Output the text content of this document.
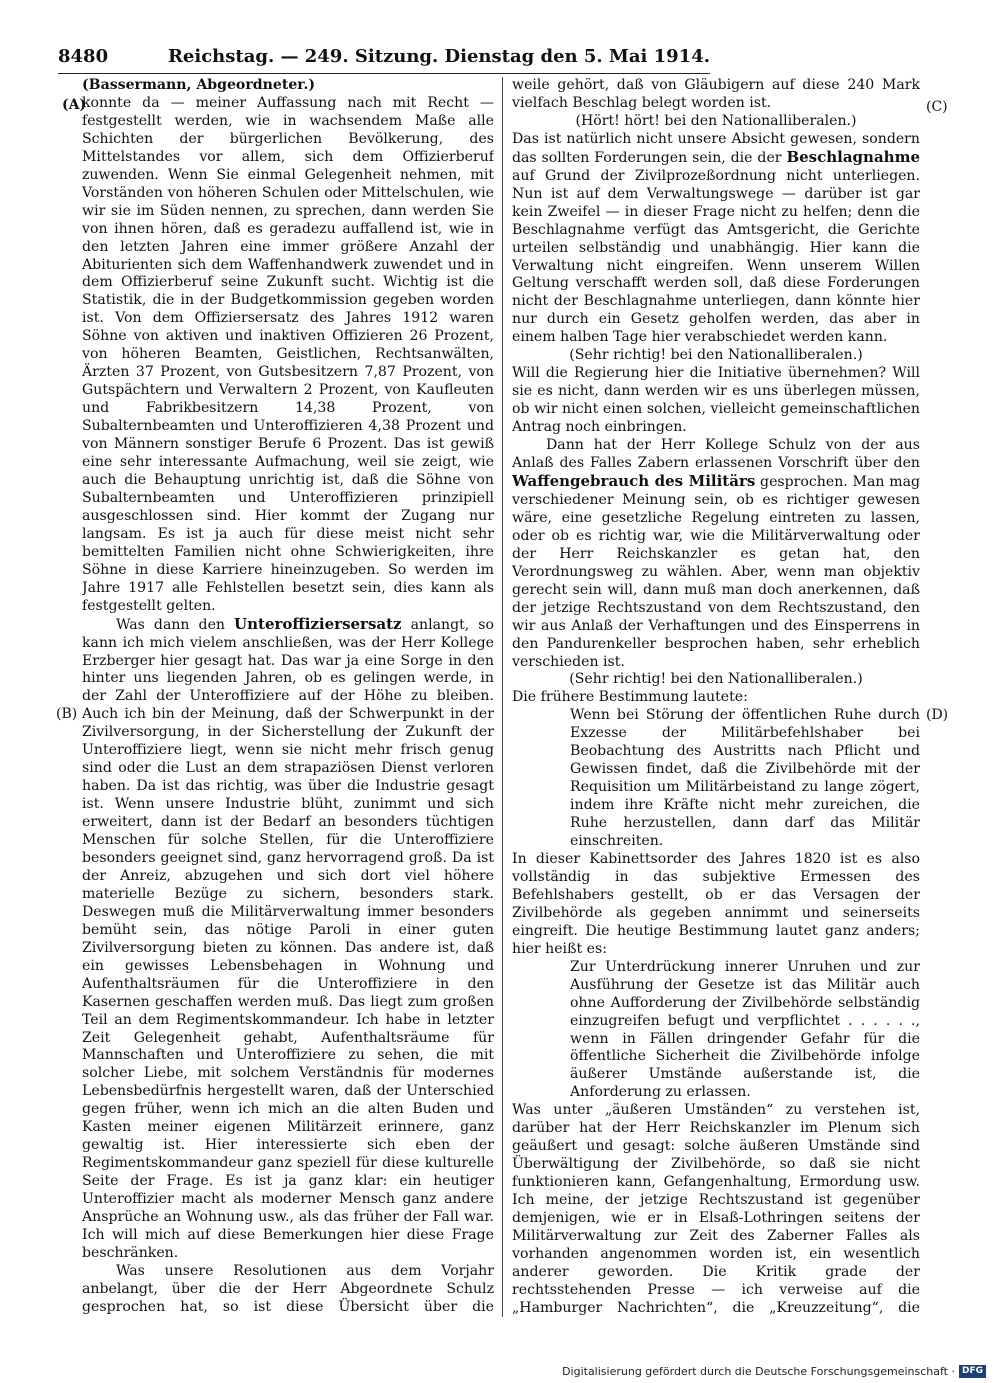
8480	Reichstag. — 249. Sitzung. Dienstag den 5. Mai 1914.
(A)
(B)
(C)
(D)

(Bassermann, Abgeordneter.)

konnte da — meiner Auffassung nach mit Recht — festgestellt werden, wie in wachsendem Maße alle Schichten der bürgerlichen Bevölkerung, des Mittelstandes vor allem, sich dem Offizierberuf zuwenden. Wenn Sie einmal Gelegenheit nehmen, mit Vorständen von höheren Schulen oder Mittelschulen, wie wir sie im Süden nennen, zu sprechen, dann werden Sie von ihnen hören, daß es geradezu auffallend ist, wie in den letzten Jahren eine immer größere Anzahl der Abiturienten sich dem Waffenhandwerk zuwendet und in dem Offizierberuf seine Zukunft sucht. Wichtig ist die Statistik, die in der Budgetkommission gegeben worden ist. Von dem Offiziersersatz des Jahres 1912 waren Söhne von aktiven und inaktiven Offizieren 26 Prozent, von höheren Beamten, Geistlichen, Rechtsanwälten, Ärzten 37 Prozent, von Gutsbesitzern 7,87 Prozent, von Gutspächtern und Verwaltern 2 Prozent, von Kaufleuten und Fabrikbesitzern 14,38 Prozent, von Subalternbeamten und Unteroffizieren 4,38 Prozent und von Männern sonstiger Berufe 6 Prozent. Das ist gewiß eine sehr interessante Aufmachung, weil sie zeigt, wie auch die Behauptung unrichtig ist, daß die Söhne von Subalternbeamten und Unteroffizieren prinzipiell ausgeschlossen sind. Hier kommt der Zugang nur langsam. Es ist ja auch für diese meist nicht sehr bemittelten Familien nicht ohne Schwierigkeiten, ihre Söhne in diese Karriere hineinzugeben. So werden im Jahre 1917 alle Fehlstellen besetzt sein, dies kann als festgestellt gelten.

Was dann den Unteroffiziersersatz anlangt, so kann ich mich vielem anschließen, was der Herr Kollege Erzberger hier gesagt hat. Das war ja eine Sorge in den hinter uns liegenden Jahren, ob es gelingen werde, in der Zahl der Unteroffiziere auf der Höhe zu bleiben. Auch ich bin der Meinung, daß der Schwerpunkt in der Zivilversorgung, in der Sicherstellung der Zukunft der Unteroffiziere liegt, wenn sie nicht mehr frisch genug sind oder die Lust an dem strapaziösen Dienst verloren haben. Da ist das richtig, was über die Industrie gesagt ist. Wenn unsere Industrie blüht, zunimmt und sich erweitert, dann ist der Bedarf an besonders tüchtigen Menschen für solche Stellen, für die Unteroffiziere besonders geeignet sind, ganz hervorragend groß. Da ist der Anreiz, abzugehen und sich dort viel höhere materielle Bezüge zu sichern, besonders stark. Deswegen muß die Militärverwaltung immer besonders bemüht sein, das nötige Paroli in einer guten Zivilversorgung bieten zu können. Das andere ist, daß ein gewisses Lebensbehagen in Wohnung und Aufenthaltsräumen für die Unteroffiziere in den Kasernen geschaffen werden muß. Das liegt zum großen Teil an dem Regimentskommandeur. Ich habe in letzter Zeit Gelegenheit gehabt, Aufenthaltsräume für Mannschaften und Unteroffiziere zu sehen, die mit solcher Liebe, mit solchem Verständnis für modernes Lebensbedürfnis hergestellt waren, daß der Unterschied gegen früher, wenn ich mich an die alten Buden und Kasten meiner eigenen Militärzeit erinnere, ganz gewaltig ist. Hier interessierte sich eben der Regimentskommandeur ganz speziell für diese kulturelle Seite der Frage. Es ist ja ganz klar: ein heutiger Unteroffizier macht als moderner Mensch ganz andere Ansprüche an Wohnung usw., als das früher der Fall war. Ich will mich auf diese Bemerkungen hier diese Frage beschränken.

Was unsere Resolutionen aus dem Vorjahr anbelangt, über die der Herr Abgeordnete Schulz gesprochen hat, so ist diese Übersicht über die

weile gehört, daß von Gläubigern auf diese 240 Mark vielfach Beschlag belegt worden ist.

(Hört! hört! bei den Nationalliberalen.)

Das ist natürlich nicht unsere Absicht gewesen, sondern das sollten Forderungen sein, die der Beschlagnahme auf Grund der Zivilprozeßordnung nicht unterliegen. Nun ist auf dem Verwaltungswege — darüber ist gar kein Zweifel — in dieser Frage nicht zu helfen; denn die Beschlagnahme verfügt das Amtsgericht, die Gerichte urteilen selbständig und unabhängig. Hier kann die Verwaltung nicht eingreifen. Wenn unserem Willen Geltung verschafft werden soll, daß diese Forderungen nicht der Beschlagnahme unterliegen, dann könnte hier nur durch ein Gesetz geholfen werden, das aber in einem halben Tage hier verabschiedet werden kann.

(Sehr richtig! bei den Nationalliberalen.)

Will die Regierung hier die Initiative übernehmen? Will sie es nicht, dann werden wir es uns überlegen müssen, ob wir nicht einen solchen, vielleicht gemeinschaftlichen Antrag noch einbringen.

Dann hat der Herr Kollege Schulz von der aus Anlaß des Falles Zabern erlassenen Vorschrift über den Waffengebrauch des Militärs gesprochen. Man mag verschiedener Meinung sein, ob es richtiger gewesen wäre, eine gesetzliche Regelung eintreten zu lassen, oder ob es richtig war, wie die Militärverwaltung oder der Herr Reichskanzler es getan hat, den Verordnungsweg zu wählen. Aber, wenn man objektiv gerecht sein will, dann muß man doch anerkennen, daß der jetzige Rechtszustand von dem Rechtszustand, den wir aus Anlaß der Verhaftungen und des Einsperrens in den Pandurenkeller besprochen haben, sehr erheblich verschieden ist.

(Sehr richtig! bei den Nationalliberalen.)

Die frühere Bestimmung lautete:

Wenn bei Störung der öffentlichen Ruhe durch Exzesse der Militärbefehlshaber bei Beobachtung des Austritts nach Pflicht und Gewissen findet, daß die Zivilbehörde mit der Requisition um Militärbeistand zu lange zögert, indem ihre Kräfte nicht mehr zureichen, die Ruhe herzustellen, dann darf das Militär einschreiten.

In dieser Kabinettsorder des Jahres 1820 ist es also vollständig in das subjektive Ermessen des Befehlshabers gestellt, ob er das Versagen der Zivilbehörde als gegeben annimmt und seinerseits eingreift. Die heutige Bestimmung lautet ganz anders; hier heißt es:

Zur Unterdrückung innerer Unruhen und zur Ausführung der Gesetze ist das Militär auch ohne Aufforderung der Zivilbehörde selbständig einzugreifen befugt und verpflichtet . . . . . ., wenn in Fällen dringender Gefahr für die öffentliche Sicherheit die Zivilbehörde infolge äußerer Umstände außerstande ist, die Anforderung zu erlassen.

Was unter „äußeren Umständen“ zu verstehen ist, darüber hat der Herr Reichskanzler im Plenum sich geäußert und gesagt: solche äußeren Umstände sind Überwältigung der Zivilbehörde, so daß sie nicht funktionieren kann, Gefangenhaltung, Ermordung usw. Ich meine, der jetzige Rechtszustand ist gegenüber demjenigen, wie er in Elsaß-Lothringen seitens der Militärverwaltung zur Zeit des Zaberner Falles als vorhanden angenommen worden ist, ein wesentlich anderer geworden. Die Kritik grade der rechtsstehenden Presse — ich verweise auf die „Hamburger Nachrichten“, die „Kreuzzeitung“, die

Digitalisierung gefördert durch die Deutsche Forschungsgemeinschaft · DFG
